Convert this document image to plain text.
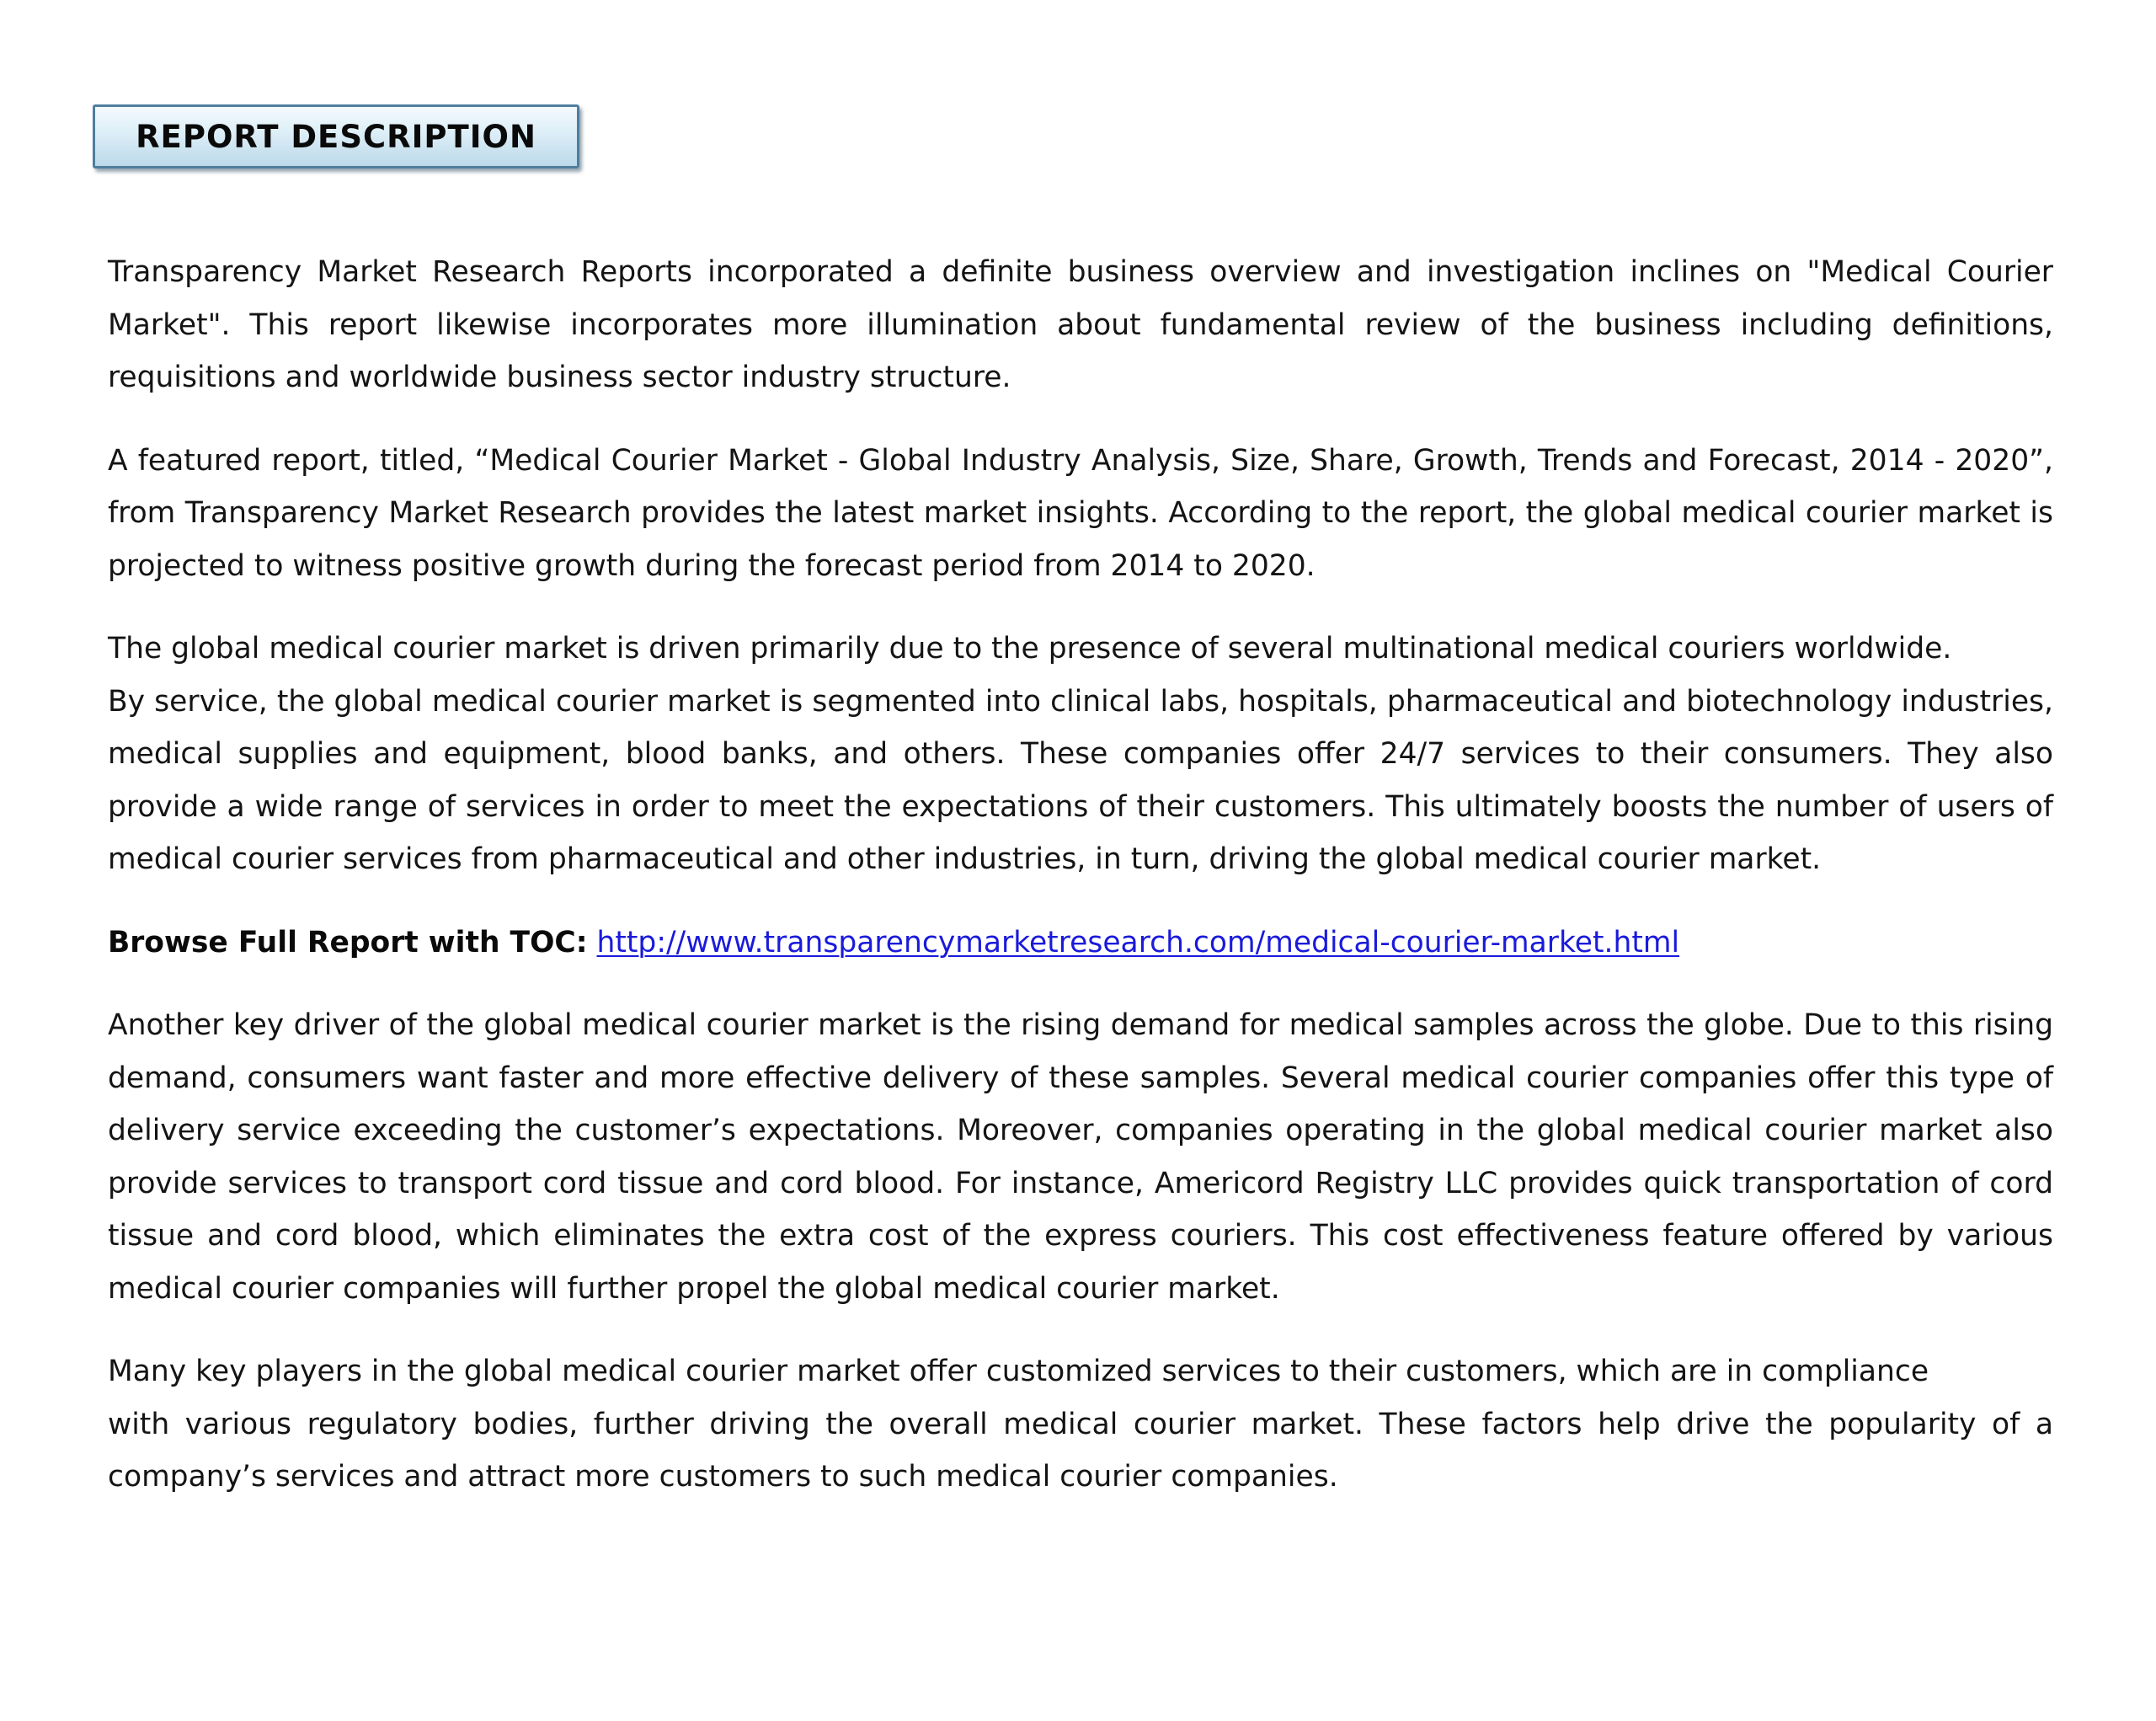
REPORT DESCRIPTION

Transparency Market Research Reports incorporated a definite business overview and investigation inclines on "Medical Courier Market". This report likewise incorporates more illumination about fundamental review of the business including definitions, requisitions and worldwide business sector industry structure.

A featured report, titled, “Medical Courier Market - Global Industry Analysis, Size, Share, Growth, Trends and Forecast, 2014 - 2020”, from Transparency Market Research provides the latest market insights. According to the report, the global medical courier market is projected to witness positive growth during the forecast period from 2014 to 2020.

The global medical courier market is driven primarily due to the presence of several multinational medical couriers worldwide.
By service, the global medical courier market is segmented into clinical labs, hospitals, pharmaceutical and biotechnology industries, medical supplies and equipment, blood banks, and others. These companies offer 24/7 services to their consumers. They also provide a wide range of services in order to meet the expectations of their customers. This ultimately boosts the number of users of medical courier services from pharmaceutical and other industries, in turn, driving the global medical courier market.
Browse Full Report with TOC: http://www.transparencymarketresearch.com/medical-courier-market.html

Another key driver of the global medical courier market is the rising demand for medical samples across the globe. Due to this rising demand, consumers want faster and more effective delivery of these samples. Several medical courier companies offer this type of delivery service exceeding the customer’s expectations. Moreover, companies operating in the global medical courier market also provide services to transport cord tissue and cord blood. For instance, Americord Registry LLC provides quick transportation of cord tissue and cord blood, which eliminates the extra cost of the express couriers. This cost effectiveness feature offered by various medical courier companies will further propel the global medical courier market.

Many key players in the global medical courier market offer customized services to their customers, which are in compliance
with various regulatory bodies, further driving the overall medical courier market. These factors help drive the popularity of a company’s services and attract more customers to such medical courier companies.
